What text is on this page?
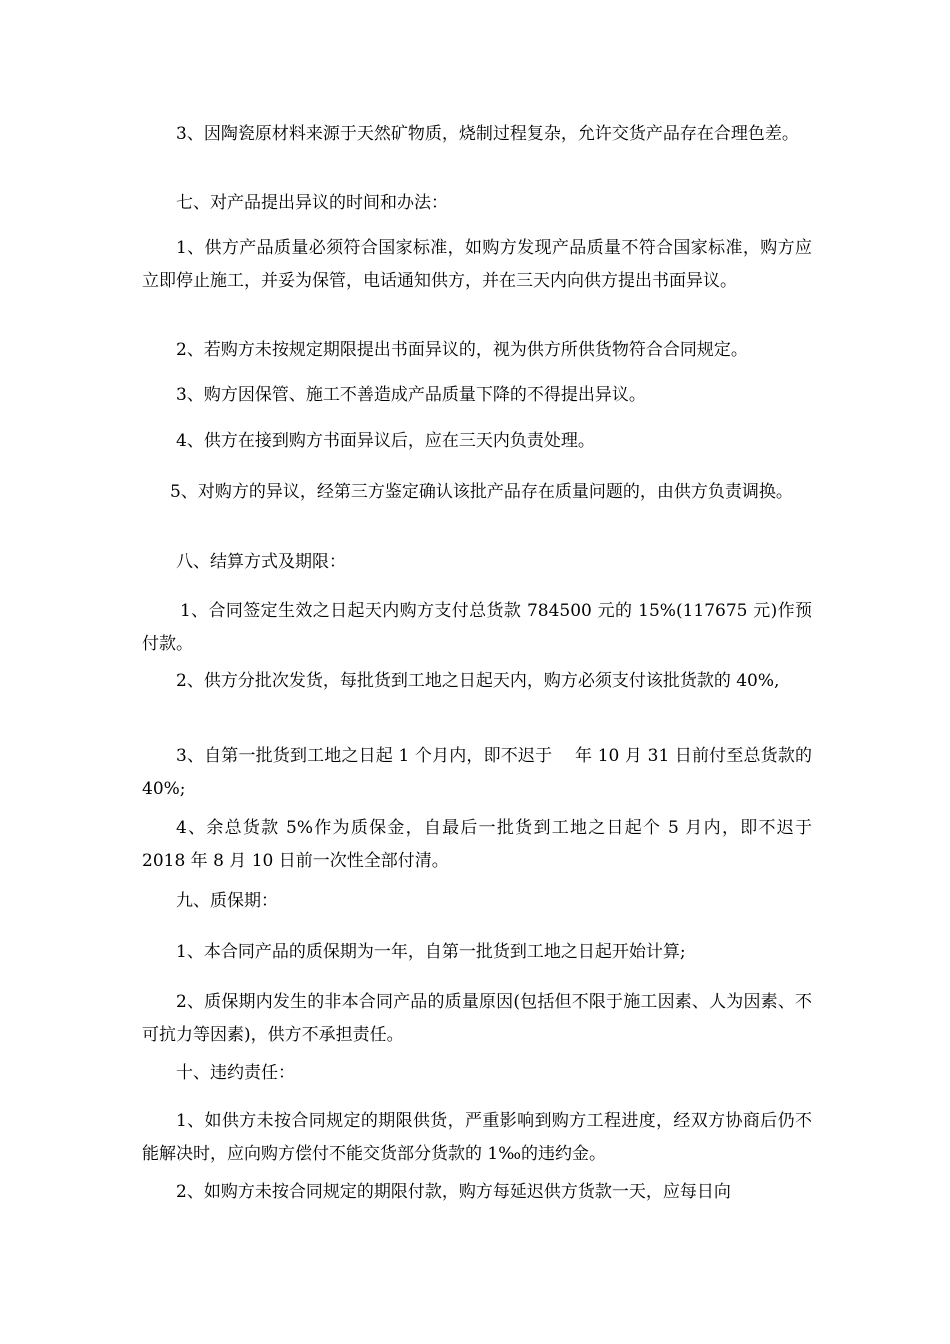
3、因陶瓷原材料来源于天然矿物质，烧制过程复杂，允许交货产品存在合理色差。

七、对产品提出异议的时间和办法：

1、供方产品质量必须符合国家标准，如购方发现产品质量不符合国家标准，购方应立即停止施工，并妥为保管，电话通知供方，并在三天内向供方提出书面异议。

2、若购方未按规定期限提出书面异议的，视为供方所供货物符合合同规定。

3、购方因保管、施工不善造成产品质量下降的不得提出异议。

4、供方在接到购方书面异议后，应在三天内负责处理。

5、对购方的异议，经第三方鉴定确认该批产品存在质量问题的，由供方负责调换。

八、结算方式及期限：

1、合同签定生效之日起天内购方支付总货款 784500 元的 15%(117675 元)作预付款。

2、供方分批次发货，每批货到工地之日起天内，购方必须支付该批货款的 40%,

3、自第一批货到工地之日起 1 个月内，即不迟于　 年 10 月 31 日前付至总货款的 40%;

4、余总货款 5%作为质保金，自最后一批货到工地之日起个 5 月内，即不迟于 2018 年 8 月 10 日前一次性全部付清。

九、质保期：

1、本合同产品的质保期为一年，自第一批货到工地之日起开始计算;

2、质保期内发生的非本合同产品的质量原因(包括但不限于施工因素、人为因素、不可抗力等因素)，供方不承担责任。

十、违约责任：

1、如供方未按合同规定的期限供货，严重影响到购方工程进度，经双方协商后仍不能解决时，应向购方偿付不能交货部分货款的 1‰的违约金。

2、如购方未按合同规定的期限付款，购方每延迟供方货款一天，应每日向
